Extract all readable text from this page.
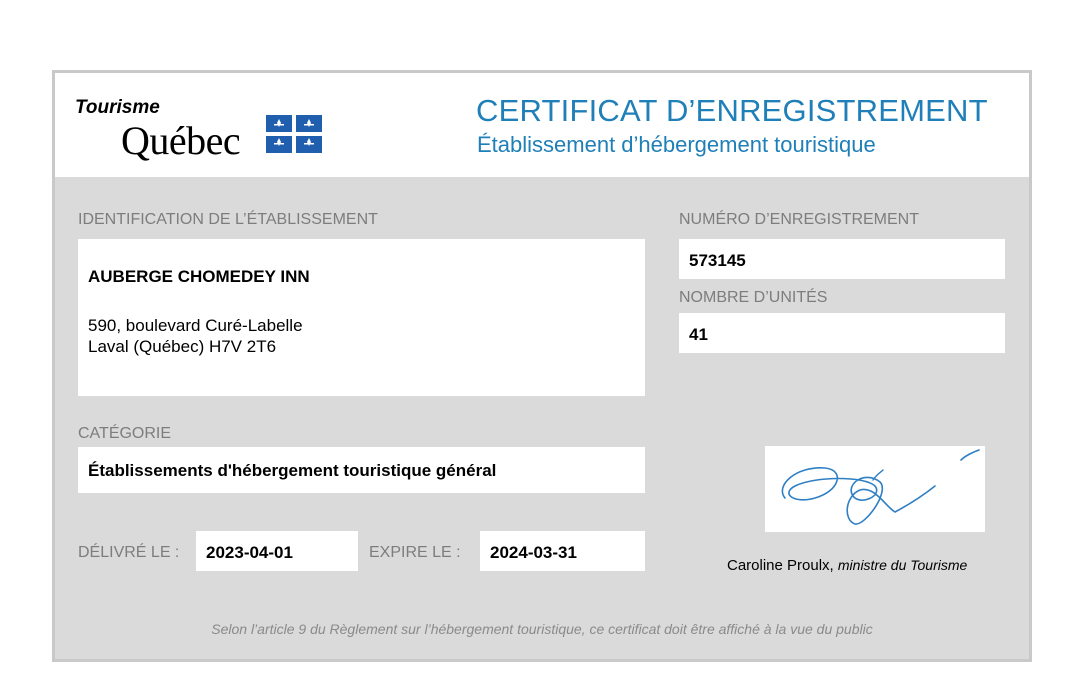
Tourisme
Québec
CERTIFICAT D’ENREGISTREMENT
Établissement d’hébergement touristique
IDENTIFICATION DE L’ÉTABLISSEMENT
AUBERGE CHOMEDEY INN
590, boulevard Curé-Labelle
Laval (Québec) H7V 2T6
NUMÉRO D’ENREGISTREMENT
573145
NOMBRE D’UNITÉS
41
CATÉGORIE
Établissements d'hébergement touristique général
DÉLIVRÉ LE : 2023-04-01	EXPIRE LE : 2024-03-31
Caroline Proulx, ministre du Tourisme
Selon l’article 9 du Règlement sur l’hébergement touristique, ce certificat doit être affiché à la vue du public
